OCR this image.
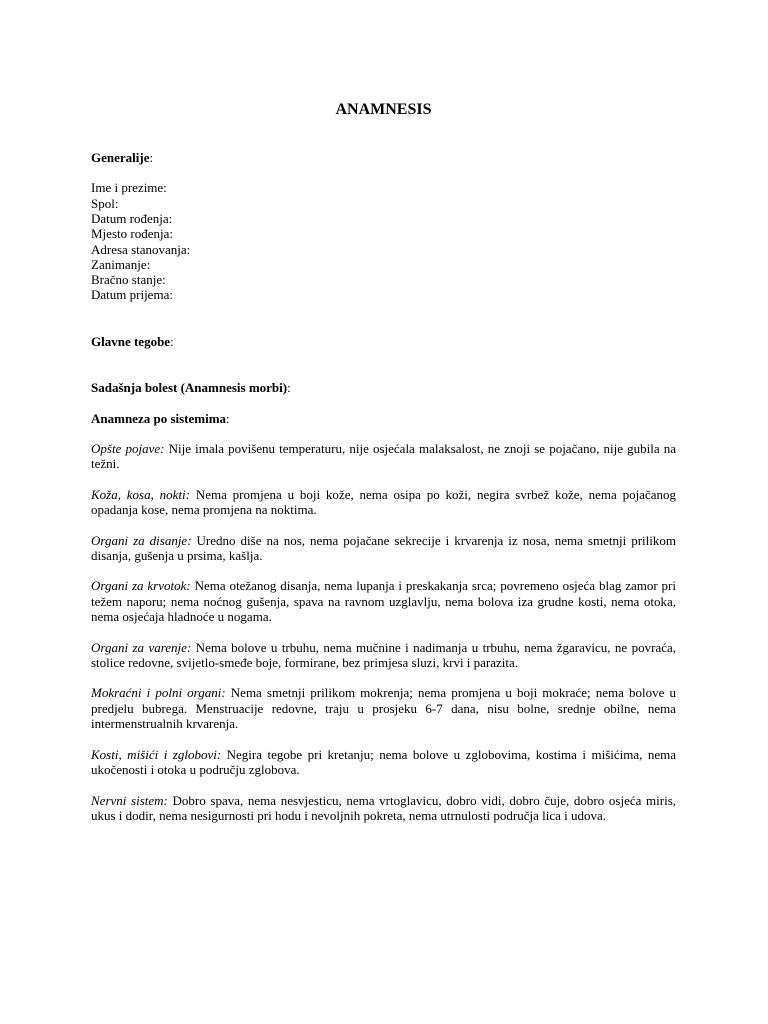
ANAMNESIS

Generalije:

Ime i prezime:
Spol:
Datum rođenja:
Mjesto rođenja:
Adresa stanovanja:
Zanimanje:
Bračno stanje:
Datum prijema:

Glavne tegobe:

Sadašnja bolest (Anamnesis morbi):

Anamneza po sistemima:

Opšte pojave: Nije imala povišenu temperaturu, nije osjećala malaksalost, ne znoji se pojačano, nije gubila na težni.
Koža, kosa, nokti: Nema promjena u boji kože, nema osipa po koži, negira svrbež kože, nema pojačanog opadanja kose, nema promjena na noktima.
Organi za disanje: Uredno diše na nos, nema pojačane sekrecije i krvarenja iz nosa, nema smetnji prilikom disanja, gušenja u prsima, kašlja.
Organi za krvotok: Nema otežanog disanja, nema lupanja i preskakanja srca; povremeno osjeća blag zamor pri težem naporu; nema noćnog gušenja, spava na ravnom uzglavlju, nema bolova iza grudne kosti, nema otoka, nema osjećaja hladnoće u nogama.
Organi za varenje: Nema bolove u trbuhu, nema mučnine i nadimanja u trbuhu, nema žgaravicu, ne povraća, stolice redovne, svijetlo-smeđe boje, formirane, bez primjesa sluzi, krvi i parazita.
Mokraćni i polni organi: Nema smetnji prilikom mokrenja; nema promjena u boji mokraće; nema bolove u predjelu bubrega. Menstruacije redovne, traju u prosjeku 6-7 dana, nisu bolne, srednje obilne, nema intermenstrualnih krvarenja.
Kosti, mišići i zglobovi: Negira tegobe pri kretanju; nema bolove u zglobovima, kostima i mišićima, nema ukočenosti i otoka u području zglobova.
Nervni sistem: Dobro spava, nema nesvjesticu, nema vrtoglavicu, dobro vidi, dobro čuje, dobro osjeća miris, ukus i dodir, nema nesigurnosti pri hodu i nevoljnih pokreta, nema utrnulosti područja lica i udova.
